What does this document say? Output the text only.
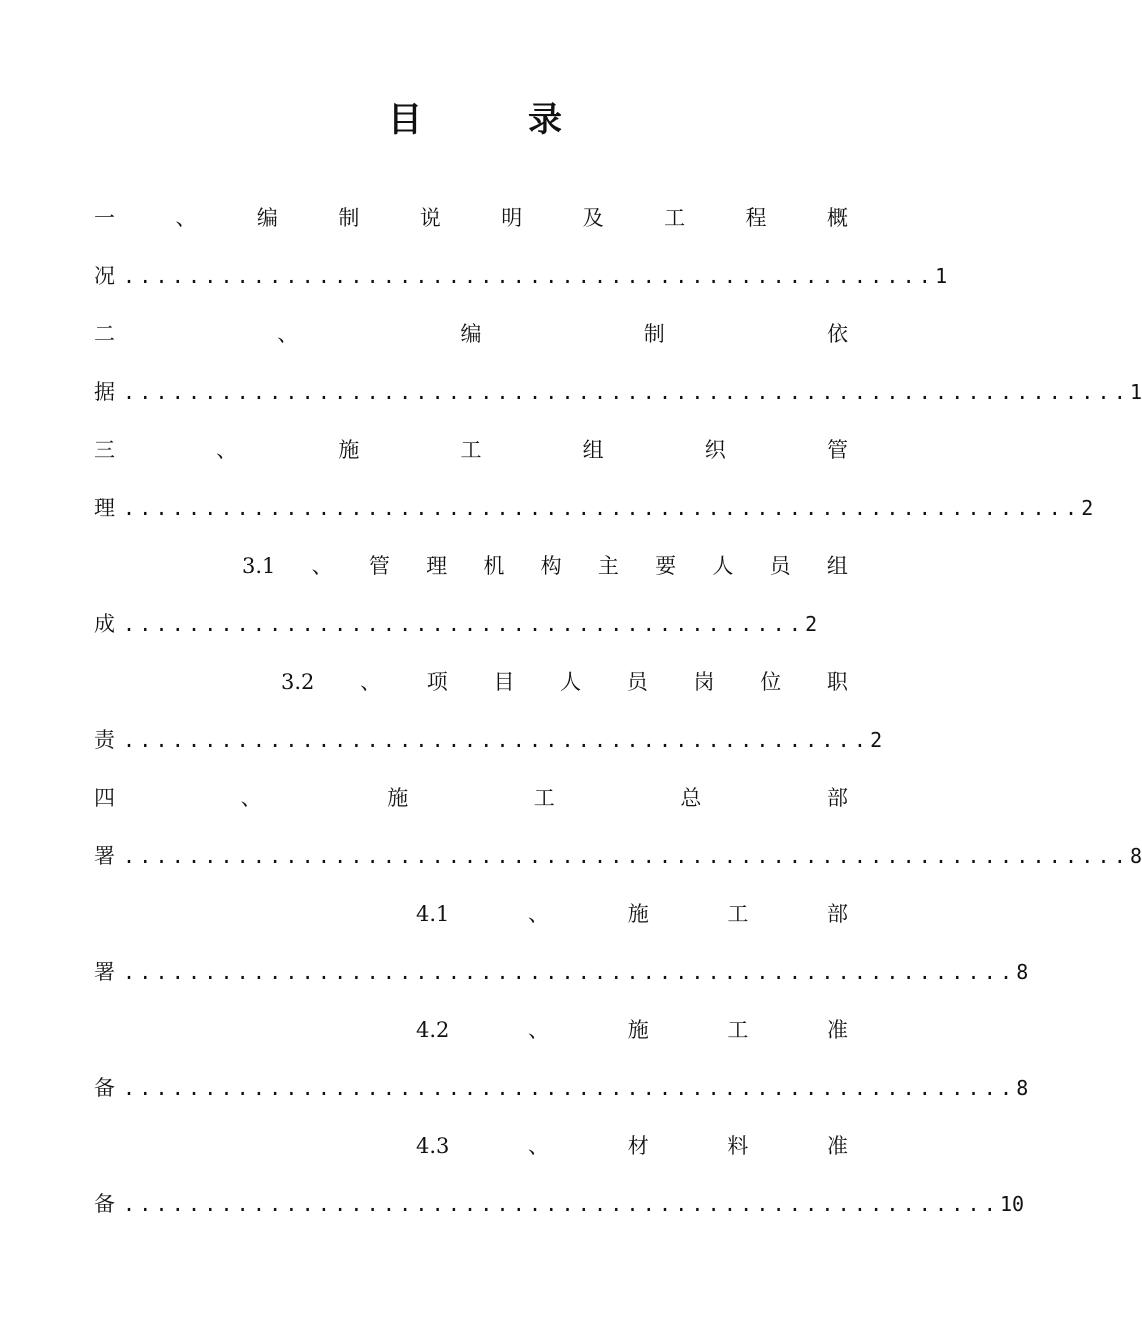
目　录
一	、	编	制	说	明	及	工	程	概
况 .................................................. 1
二	、	编	制	依
据 .............................................................. 1
三	、	施	工	组	织	管
理 ........................................................... 2
3.1 、 管 理 机 构 主 要 人 员 组
成 .......................................... 2
3.2 、 项 目 人 员 岗 位 职
责 .............................................. 2
四	、	施	工	总	部
署 .............................................................. 8
4.1	、	施	工	部
署 ....................................................... 8
4.2	、	施	工	准
备 ....................................................... 8
4.3	、	材	料	准
备 ...................................................... 10
